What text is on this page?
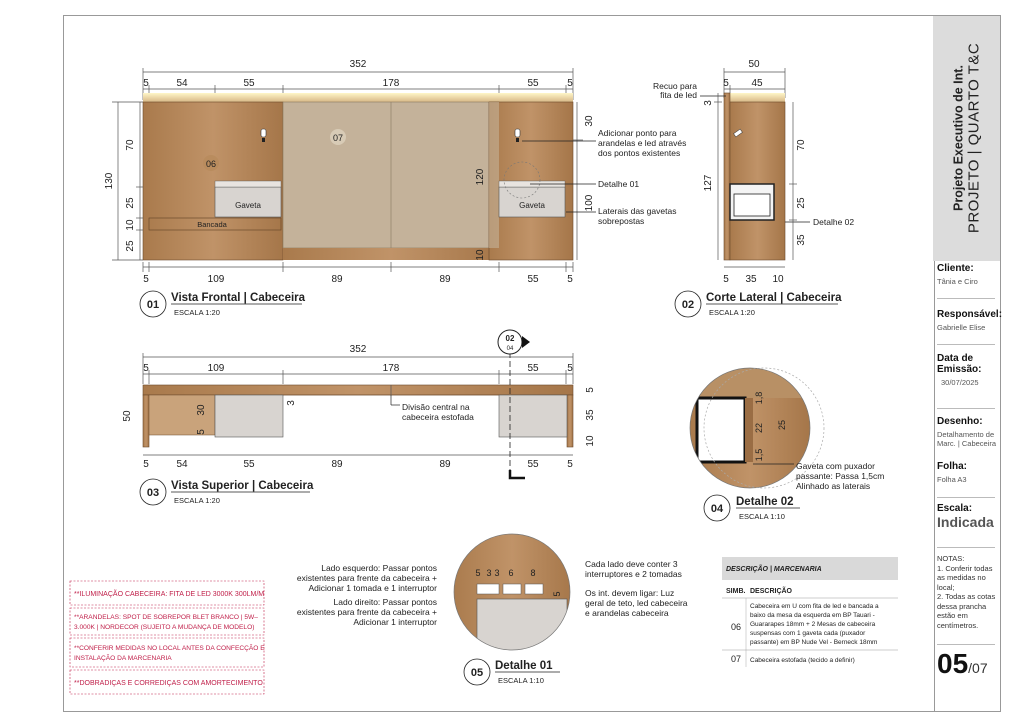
352
5	54	55	178	55	5
Gaveta	Gaveta
Bancada
06
07
130
70
25
10
25
30
120
100
10
5	109	89	89	55	5
Adicionar ponto para
arandelas e led através
dos pontos existentes
Detalhe 01
Laterais das gavetas
sobrepostas
01
Vista Frontal | Cabeceira
ESCALA 1:20
50
5 45
Recuo para
fita de led
Detalhe 02
3
127
70
25
35
5 35 10
02
Corte Lateral | Cabeceira
ESCALA 1:20
352
5	109	178	55	5
Divisão central na
cabeceira estofada
50
30
5
3
5
35
10
5	54	55	89	89	55	5
02
04
03
Vista Superior | Cabeceira
ESCALA 1:20
1,8
22
1,5
25
Gaveta com puxador
passante: Passa 1,5cm
Alinhado as laterais
04
Detalhe 02
ESCALA 1:10
5 3 3 6 8
5
Lado esquerdo: Passar pontos
existentes para frente da cabeceira +
Adicionar 1 tomada e 1 interruptor
Lado direito: Passar pontos
existentes para frente da cabeceira +
Adicionar 1 interruptor
Cada lado deve conter 3
interruptores e 2 tomadas
Os int. devem ligar: Luz
geral de teto, led cabeceira
e arandelas cabeceira
05
Detalhe 01
ESCALA 1:10
**ILUMINAÇÃO CABECEIRA: FITA DE LED 3000K 300LM/M
**ARANDELAS: SPOT DE SOBREPOR BLET BRANCO | 5W–
3.000K | NORDECOR (SUJEITO A MUDANÇA DE MODELO)
**CONFERIR MEDIDAS NO LOCAL ANTES DA CONFECÇÃO E
INSTALAÇÃO DA MARCENARIA
**DOBRADIÇAS E CORREDIÇAS COM AMORTECIMENTO
DESCRIÇÃO | MARCENARIA
SIMB. DESCRIÇÃO
06
Cabeceira em U com fita de led e bancada a
baixo da mesa da esquerda em BP Tauari -
Guararapes 18mm + 2 Mesas de cabeceira
suspensas com 1 gaveta cada (puxador
passante) em BP Nude Vel - Berneck 18mm
07 Cabeceira estofada (tecido a definir)
Projeto Executivo de Int. PROJETO | QUARTO T&C
Cliente:
Tânia e Ciro
Responsável:
Gabrielle Elise
Data de
Emissão:
30/07/2025
Desenho:
Detalhamento de
Marc. | Cabeceira
Folha:
Folha A3
Escala:
Indicada
NOTAS:
1. Conferir todas
as medidas no
local;
2. Todas as cotas
dessa prancha
estão em
centímetros.
05/07
